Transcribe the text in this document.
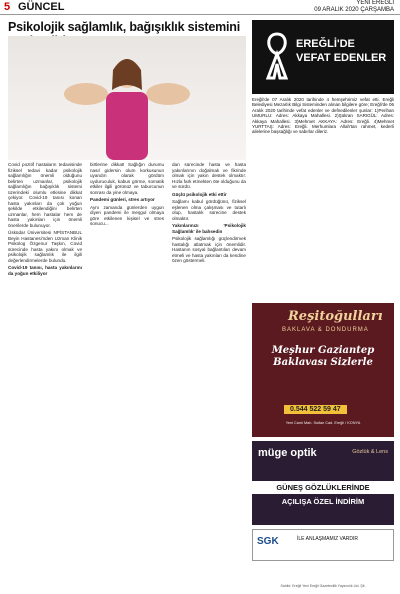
5 GÜNCEL	YENİ EREĞLİ
09 ARALIK 2020 ÇARŞAMBA
Psikolojik sağlamlık, bağışıklık sistemini

Covid pozitif hastaların tedavisinde fiziksel tedavi kadar psikolojik sağlamlığın önemli olduğunu belirten uzmanlar, psikolojik sağlamlığın bağışıklık sistemi üzerindeki olumlu etkisine dikkat çekiyor. Covid-19 tanısı konan hasta yakınları da çok yoğun şekilde etkilendiğini belirten uzmanlar, hem hastalar hem de hasta yakınları için önemli önerilerde bulunuyor.

Üsküdar Üniversitesi NPİSTANBUL Beyin Hastanesi'nden Uzman Klinik Psikolog Özgenur Taşkın, Covid sürecinde hasta yakını olmak ve psikolojik sağlamlık ile ilgili değerlendirmelerde bulundu.

Covid-19 tanısı, hasta yakınlarını da yoğun etkiliyor

birtlerine dikkat! Sağlığın durumu nasıl gidersin olum korkusunun uyandırı olarak gördüm uyduruculuk, kabus görme, somatik etkiler ilgili görünüz ve taburcunun sonrası da yine olmaya.

Pandemi günleri, stres artıyor

Aynı zamanda günlerden uygun diyen pandemi ile meşgul olmaya göre etkilenen kişisel ve stres sonucu...

dan sürecinde hasta ve hasta yakınlarının doğalmak ve fikrinde olmak için yakın destek olmaktır. Hızla fark etmekten öte olduğunu da ve sürdü.

Güçlü psikolojik etki ettir

Sağlamı kabul gördüğünü, fiziksel eşlenen olma çalışması ve tutarlı olup, hastalık sürecine destek olmaktır.

Yakınlarınızı 'Psikolojik Sağlamlık' ile bahsedin

Psikolojik sağlamlığı güçlendirmek hastalığı atlatmak için önemlidir. Hastanın sosyal bağlantıları devam etmeli ve hasta yakınları da kendine özen göstermeli.

EREĞLİ'DE
VEFAT EDENLER
Ereğli'de 07 Aralık 2020 tarihinde 4 hemşehrimiz vefat etti. Ereğli Belediyesi Mezarlık Bilgi Sisteminden alınan bilgilere göre; Ereğli'de 06 Aralık 2020 tarihinde vefat edenler ve defnedilenler şunlar: 1)Perihan UMURLU: Adres: Akkaya Mahallesi. 2)Şükran SARIGÜL: Adres: Akkaya Mahallesi. 3)Mehmet AKKAYA: Adres: Ereğli. 4)Mehmet YURTTAŞ: Adres: Ereğli. Merhumlara Allah'tan rahmet, kederli ailelerine başsağlığı ve sabırlar dileriz.
Reşitoğulları
BAKLAVA & DONDURMA
Meşhur Gaziantep Baklavası Sizlerle
0.544 522 59 47
Yeni Cami Mah. Sultan Cad. Ereğli / KONYA
müge optik	Gözlük & Lens
GÜNEŞ GÖZLÜKLERİNDE
AÇILIŞA ÖZEL İNDİRİM
SGK	İLE ANLAŞMAMIZ VARDIR
Sahibi: Ereğli Yeni Ereğli Gazetecilik Yayıncılık Ltd. Şti.
